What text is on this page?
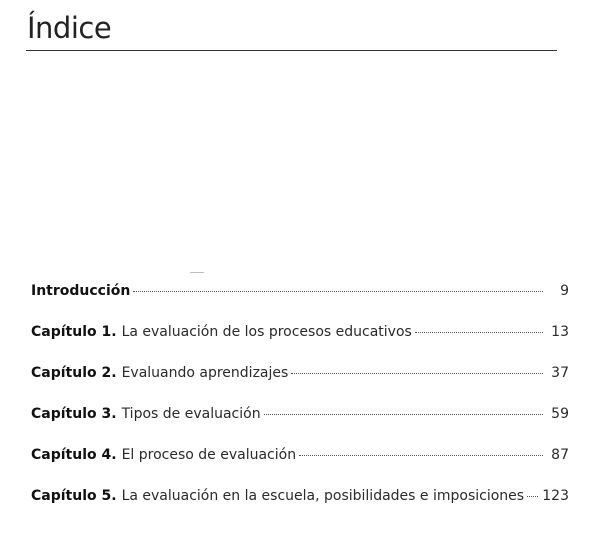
Índice
Introducción	9
Capítulo 1. La evaluación de los procesos educativos	13
Capítulo 2. Evaluando aprendizajes	37
Capítulo 3. Tipos de evaluación	59
Capítulo 4. El proceso de evaluación	87
Capítulo 5. La evaluación en la escuela, posibilidades e imposiciones 123
